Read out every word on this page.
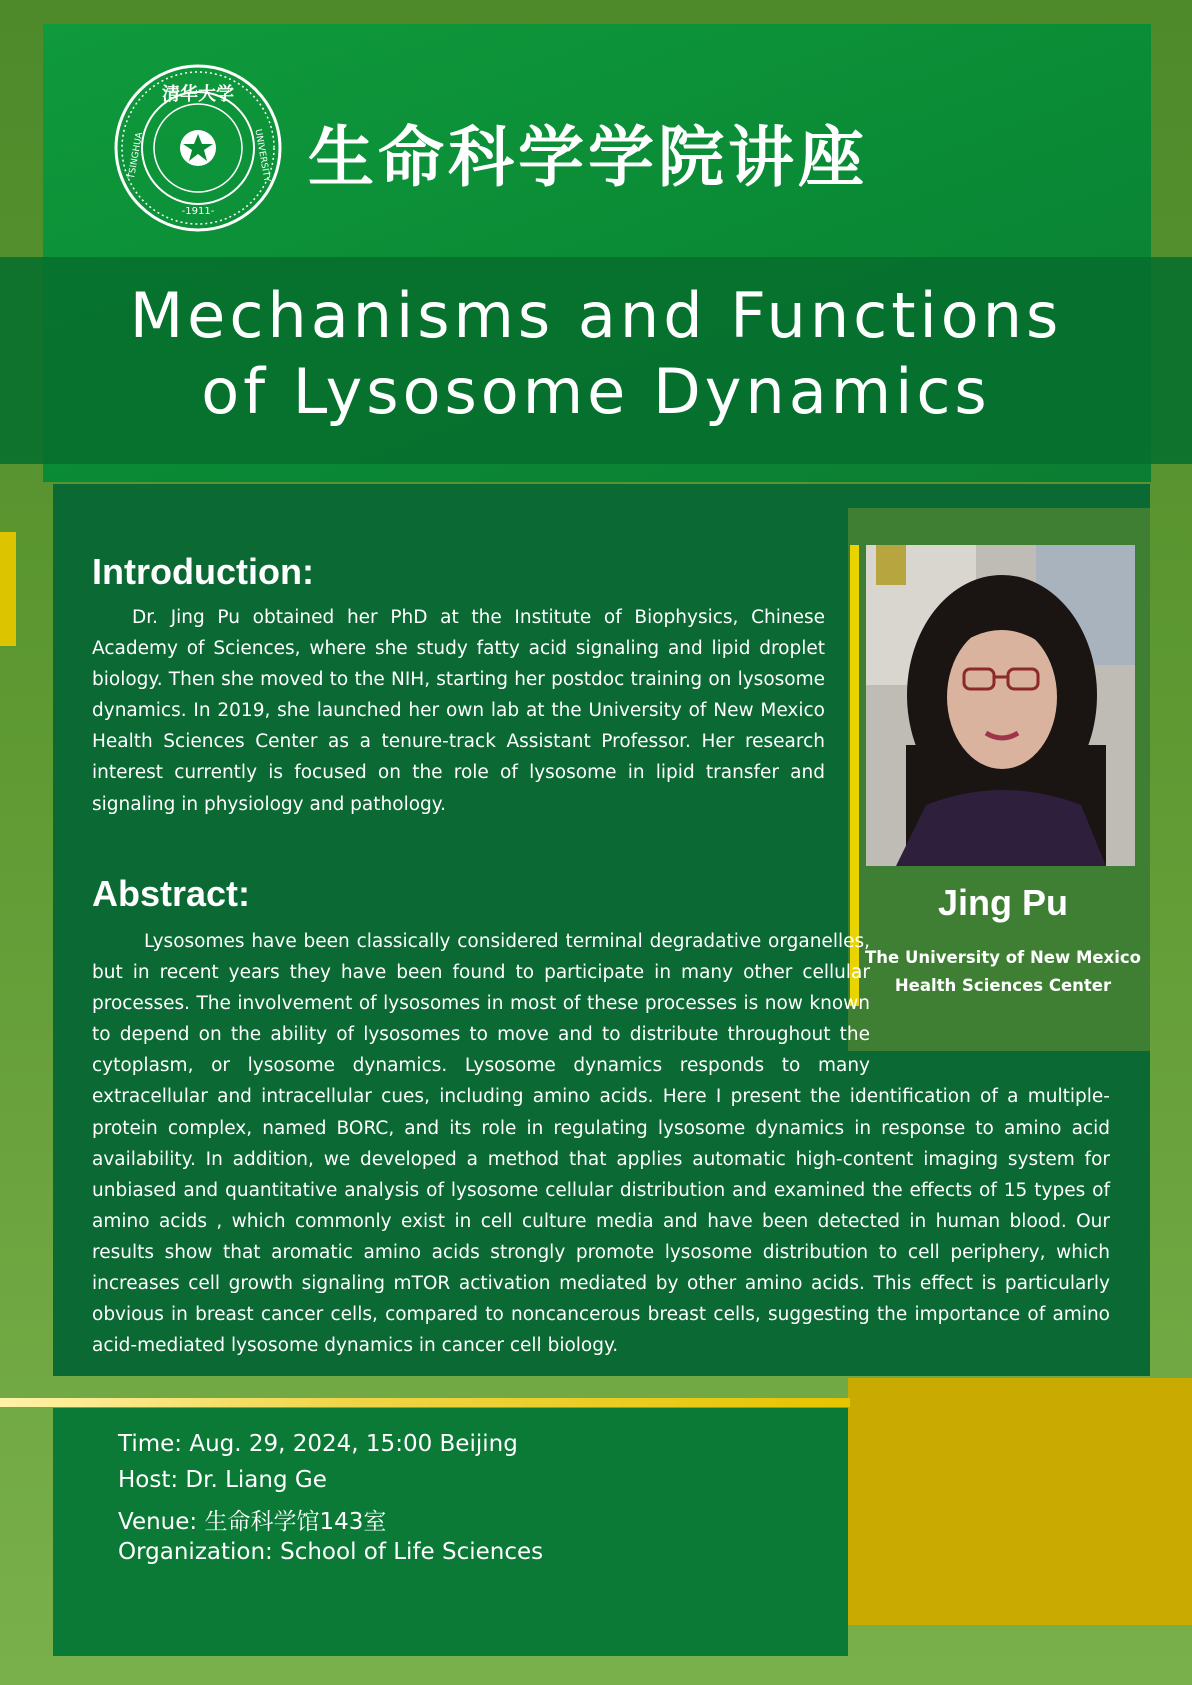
清华大学
TSINGHUA	UNIVERSITY
-1911-
生命科学学院讲座
Mechanisms and Functions
of Lysosome Dynamics
Jing Pu
The University of New Mexico
Health Sciences Center
Introduction:
Dr. Jing Pu obtained her PhD at the Institute of Biophysics, Chinese Academy of Sciences, where she study fatty acid signaling and lipid droplet biology. Then she moved to the NIH, starting her postdoc training on lysosome dynamics. In 2019, she launched her own lab at the University of New Mexico Health Sciences Center as a tenure-track Assistant Professor. Her research interest currently is focused on the role of lysosome in lipid transfer and signaling in physiology and pathology.
Abstract:
Lysosomes have been classically considered terminal degradative organelles, but in recent years they have been found to participate in many other cellular processes. The involvement of lysosomes in most of these processes is now known to depend on the ability of lysosomes to move and to distribute throughout the cytoplasm, or lysosome dynamics. Lysosome dynamics responds to many extracellular and intracellular cues, including amino acids. Here I present the identification of a multiple-protein complex, named BORC, and its role in regulating lysosome dynamics in response to amino acid availability. In addition, we developed a method that applies automatic high-content imaging system for unbiased and quantitative analysis of lysosome cellular distribution and examined the effects of 15 types of amino acids , which commonly exist in cell culture media and have been detected in human blood. Our results show that aromatic amino acids strongly promote lysosome distribution to cell periphery, which increases cell growth signaling mTOR activation mediated by other amino acids. This effect is particularly obvious in breast cancer cells, compared to noncancerous breast cells, suggesting the importance of amino acid-mediated lysosome dynamics in cancer cell biology.
Time: Aug. 29, 2024, 15:00 Beijing
Host: Dr. Liang Ge
Venue: 生命科学馆143室
Organization: School of Life Sciences
